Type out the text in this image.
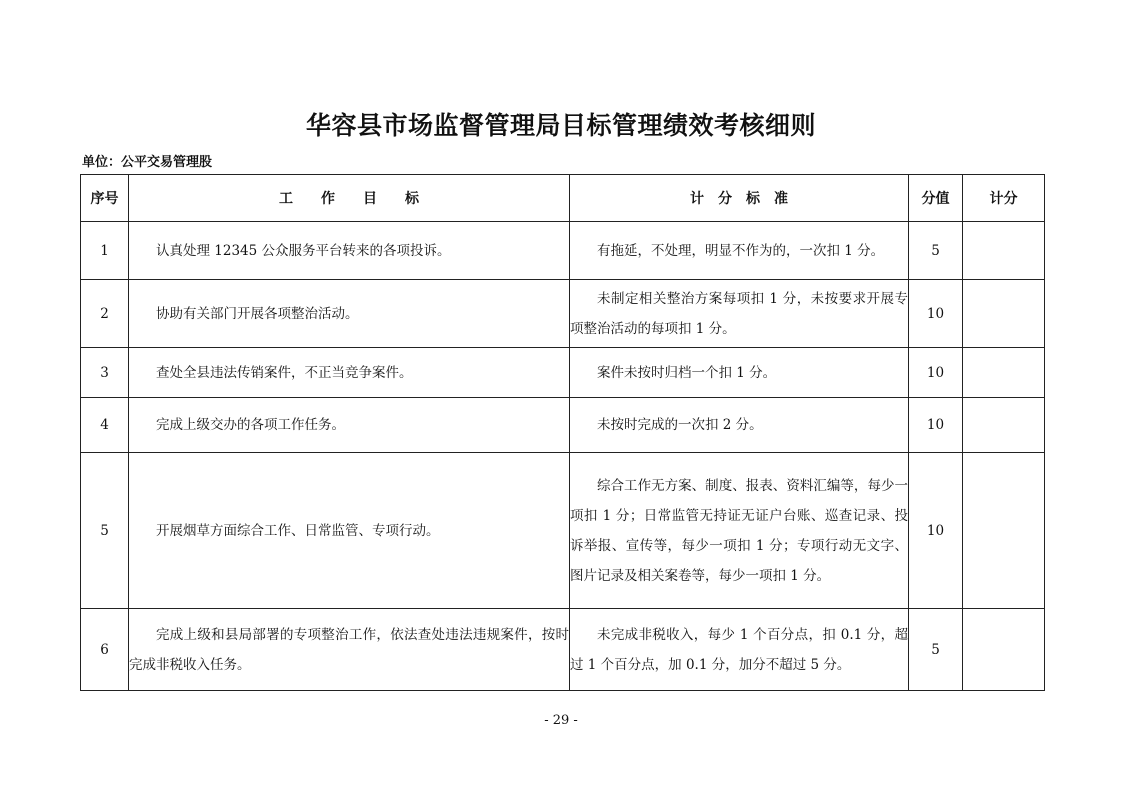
华容县市场监督管理局目标管理绩效考核细则
单位：公平交易管理股
序号	工　　作　　目　　标	计　分　标　准	分值	计分
1	认真处理 12345 公众服务平台转来的各项投诉。	有拖延，不处理，明显不作为的，一次扣 1 分。	5	
2	协助有关部门开展各项整治活动。	未制定相关整治方案每项扣 1 分，未按要求开展专项整治活动的每项扣 1 分。	10	
3	查处全县违法传销案件，不正当竞争案件。	案件未按时归档一个扣 1 分。	10	
4	完成上级交办的各项工作任务。	未按时完成的一次扣 2 分。	10	
5	开展烟草方面综合工作、日常监管、专项行动。	综合工作无方案、制度、报表、资料汇编等，每少一项扣 1 分；日常监管无持证无证户台账、巡查记录、投诉举报、宣传等，每少一项扣 1 分；专项行动无文字、图片记录及相关案卷等，每少一项扣 1 分。	10	
6	完成上级和县局部署的专项整治工作，依法查处违法违规案件，按时完成非税收入任务。	未完成非税收入，每少 1 个百分点，扣 0.1 分，超过 1 个百分点，加 0.1 分，加分不超过 5 分。	5	
- 29 -
